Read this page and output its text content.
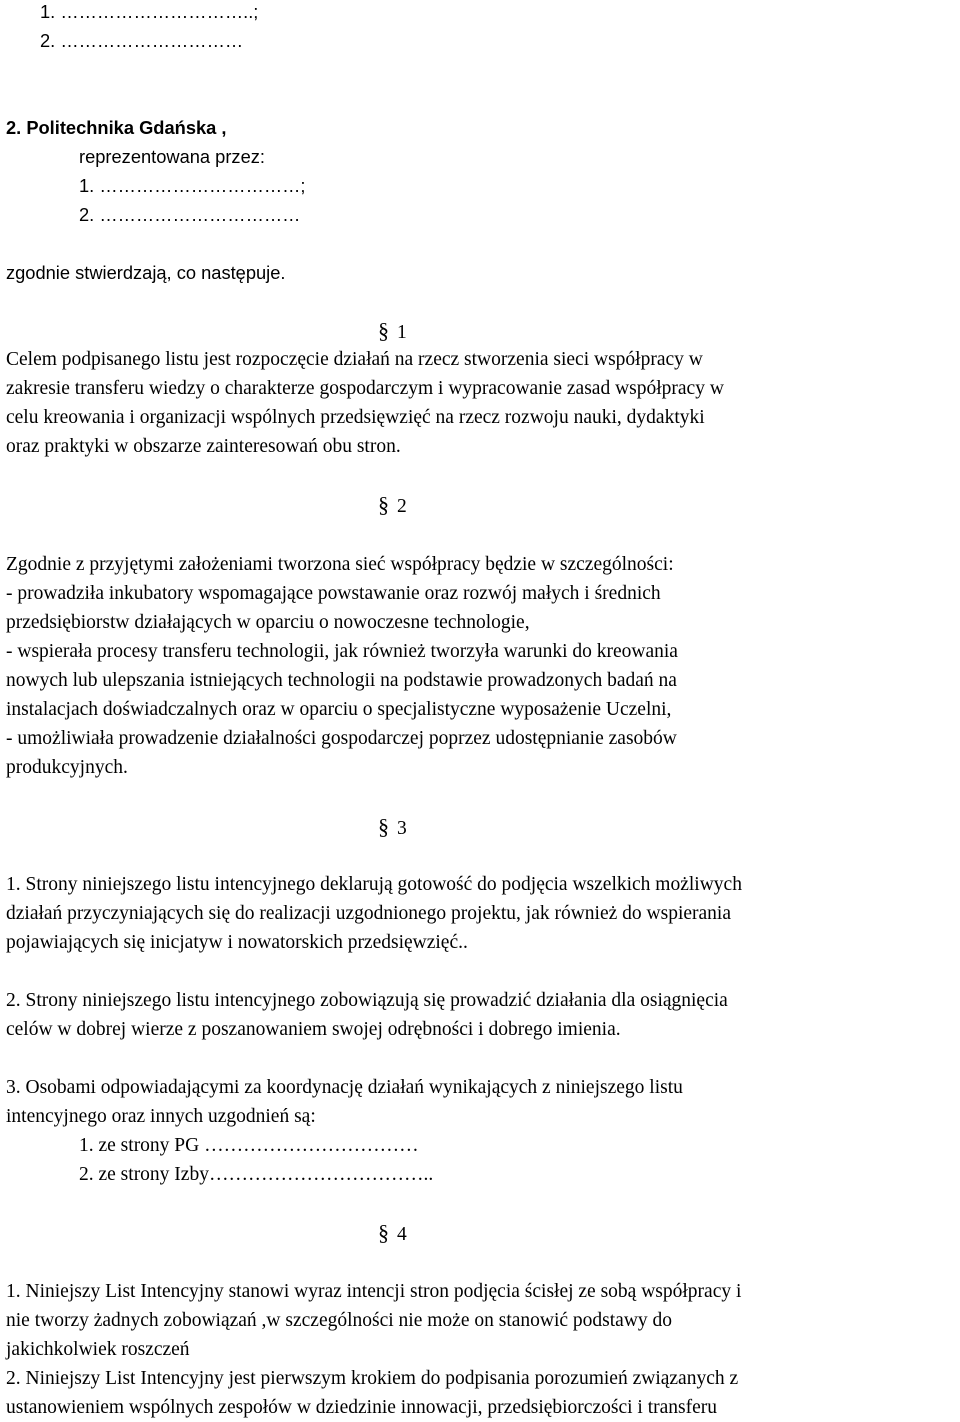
1. …………………………..;
2. …………………………
2. Politechnika Gdańska ,
reprezentowana przez:
1. ……………………………;
2. ……………………………
zgodnie stwierdzają, co następuje.
§ 1
Celem podpisanego listu jest rozpoczęcie działań na rzecz stworzenia sieci współpracy w
zakresie transferu wiedzy o charakterze gospodarczym i wypracowanie zasad współpracy w
celu kreowania i organizacji wspólnych przedsięwzięć na rzecz rozwoju nauki, dydaktyki
oraz praktyki w obszarze zainteresowań obu stron.
§ 2
Zgodnie z przyjętymi założeniami tworzona sieć współpracy będzie w szczególności:
- prowadziła inkubatory wspomagające powstawanie oraz rozwój małych i średnich
przedsiębiorstw działających w oparciu o nowoczesne technologie,
- wspierała procesy transferu technologii, jak również tworzyła warunki do kreowania
nowych lub ulepszania istniejących technologii na podstawie prowadzonych badań na
instalacjach doświadczalnych oraz w oparciu o specjalistyczne wyposażenie Uczelni,
- umożliwiała prowadzenie działalności gospodarczej poprzez udostępnianie zasobów
produkcyjnych.
§ 3
1. Strony niniejszego listu intencyjnego deklarują gotowość do podjęcia wszelkich możliwych
działań przyczyniających się do realizacji uzgodnionego projektu, jak również do wspierania
pojawiających się inicjatyw i nowatorskich przedsięwzięć..
2. Strony niniejszego listu intencyjnego zobowiązują się prowadzić działania dla osiągnięcia
celów w dobrej wierze z poszanowaniem swojej odrębności i dobrego imienia.
3. Osobami odpowiadającymi za koordynację działań wynikających z niniejszego listu
intencyjnego oraz innych uzgodnień są:
1. ze strony PG ……………………………
2. ze strony Izby……………………………..
§ 4
1. Niniejszy List Intencyjny stanowi wyraz intencji stron podjęcia ścisłej ze sobą współpracy i
nie tworzy żadnych zobowiązań ,w szczególności nie może on stanowić podstawy do
jakichkolwiek roszczeń
2. Niniejszy List Intencyjny jest pierwszym krokiem do podpisania porozumień związanych z
ustanowieniem wspólnych zespołów w dziedzinie innowacji, przedsiębiorczości i transferu
